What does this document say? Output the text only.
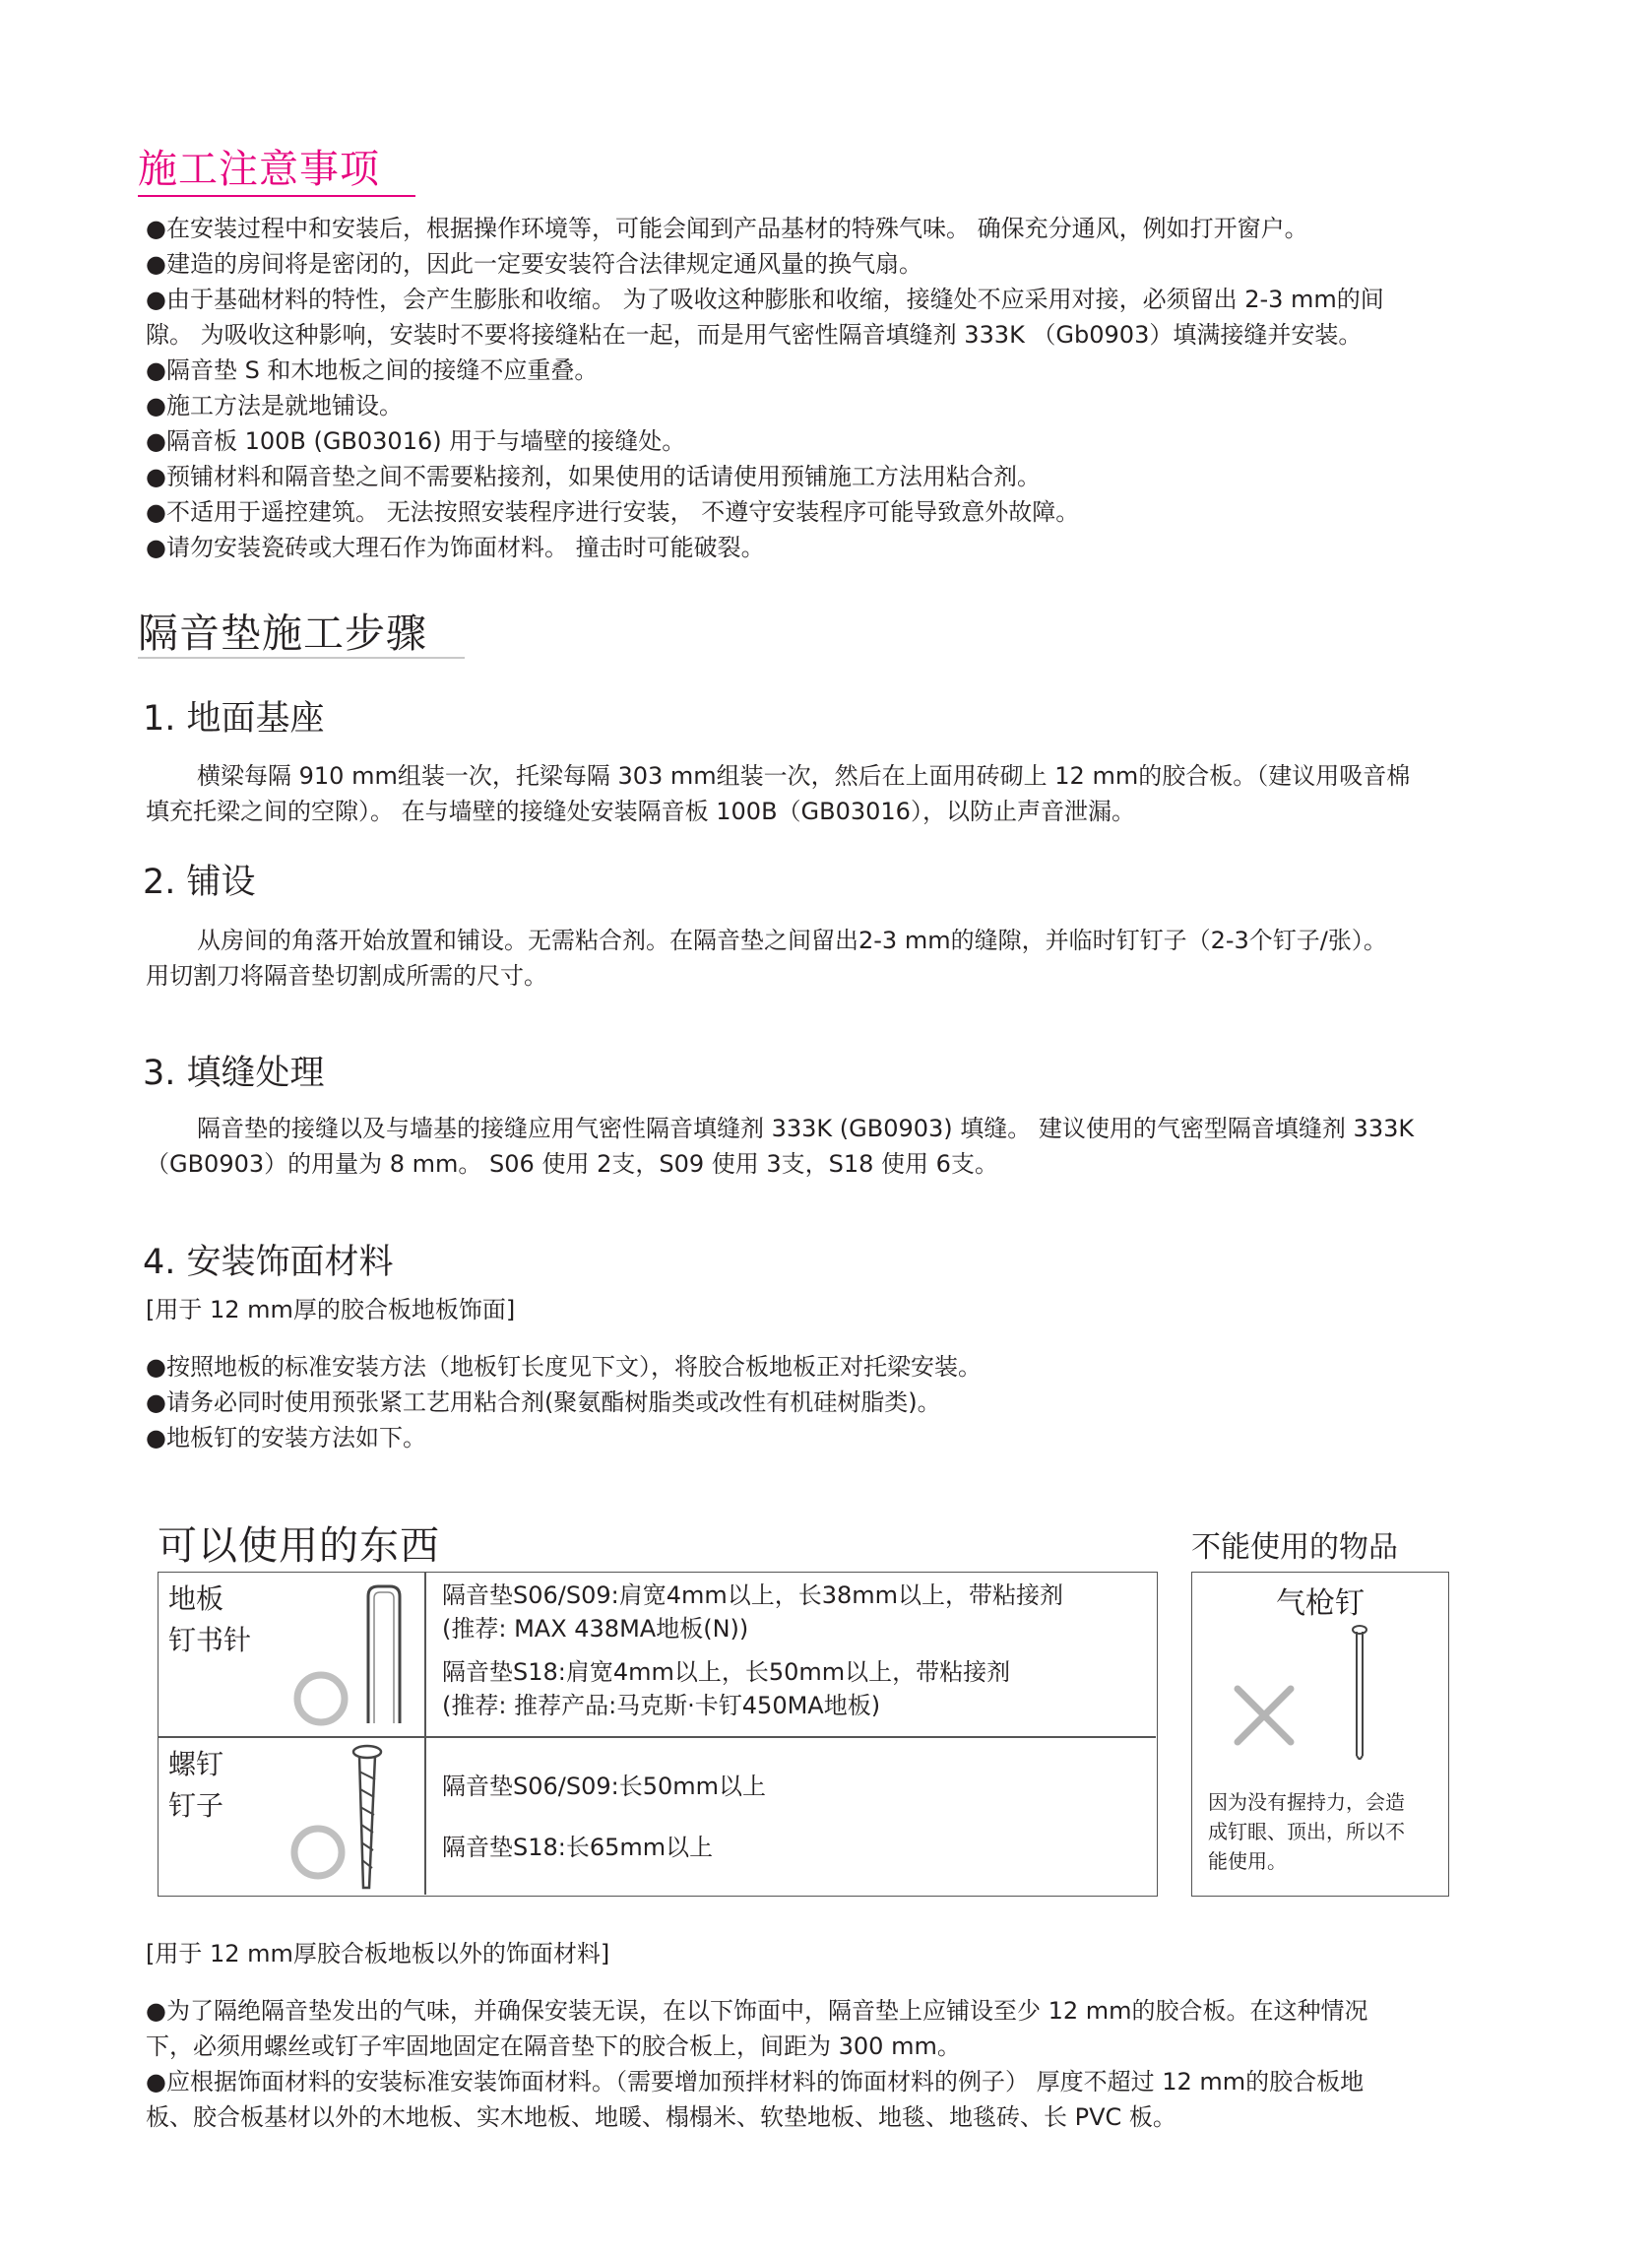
施工注意事项
●在安装过程中和安装后，根据操作环境等，可能会闻到产品基材的特殊气味。 确保充分通风，例如打开窗户。
●建造的房间将是密闭的，因此一定要安装符合法律规定通风量的换气扇。
●由于基础材料的特性，会产生膨胀和收缩。 为了吸收这种膨胀和收缩，接缝处不应采用对接，必须留出 2-3 mm的间
隙。 为吸收这种影响，安装时不要将接缝粘在一起，而是用气密性隔音填缝剂 333K （Gb0903）填满接缝并安装。
●隔音垫 S 和木地板之间的接缝不应重叠。
●施工方法是就地铺设。
●隔音板 100B (GB03016) 用于与墙壁的接缝处。
●预铺材料和隔音垫之间不需要粘接剂，如果使用的话请使用预铺施工方法用粘合剂。
●不适用于遥控建筑。 无法按照安装程序进行安装， 不遵守安装程序可能导致意外故障。
●请勿安装瓷砖或大理石作为饰面材料。 撞击时可能破裂。
隔音垫施工步骤
1. 地面基座
横梁每隔 910 mm组装一次，托梁每隔 303 mm组装一次，然后在上面用砖砌上 12 mm的胶合板。（建议用吸音棉
填充托梁之间的空隙）。 在与墙壁的接缝处安装隔音板 100B（GB03016），以防止声音泄漏。
2. 铺设
从房间的角落开始放置和铺设。无需粘合剂。在隔音垫之间留出2-3 mm的缝隙，并临时钉钉子（2-3个钉子/张）。
用切割刀将隔音垫切割成所需的尺寸。
3. 填缝处理
隔音垫的接缝以及与墙基的接缝应用气密性隔音填缝剂 333K (GB0903) 填缝。 建议使用的气密型隔音填缝剂 333K
（GB0903）的用量为 8 mm。 S06 使用 2支，S09 使用 3支，S18 使用 6支。
4. 安装饰面材料
[用于 12 mm厚的胶合板地板饰面]
●按照地板的标准安装方法（地板钉长度见下文），将胶合板地板正对托梁安装。
●请务必同时使用预张紧工艺用粘合剂(聚氨酯树脂类或改性有机硅树脂类)。
●地板钉的安装方法如下。
可以使用的东西
地板
钉书针
隔音垫S06/S09:肩宽4mm以上，长38mm以上，带粘接剂
(推荐: MAX 438MA地板(N))
隔音垫S18:肩宽4mm以上，长50mm以上，带粘接剂
(推荐: 推荐产品:马克斯·卡钉450MA地板)
螺钉
钉子
隔音垫S06/S09:长50mm以上
隔音垫S18:长65mm以上
不能使用的物品
气枪钉
因为没有握持力，会造
成钉眼、顶出，所以不
能使用。
[用于 12 mm厚胶合板地板以外的饰面材料]
●为了隔绝隔音垫发出的气味，并确保安装无误，在以下饰面中，隔音垫上应铺设至少 12 mm的胶合板。在这种情况
下，必须用螺丝或钉子牢固地固定在隔音垫下的胶合板上，间距为 300 mm。
●应根据饰面材料的安装标准安装饰面材料。（需要增加预拌材料的饰面材料的例子） 厚度不超过 12 mm的胶合板地
板、胶合板基材以外的木地板、实木地板、地暖、榻榻米、软垫地板、地毯、地毯砖、长 PVC 板。
